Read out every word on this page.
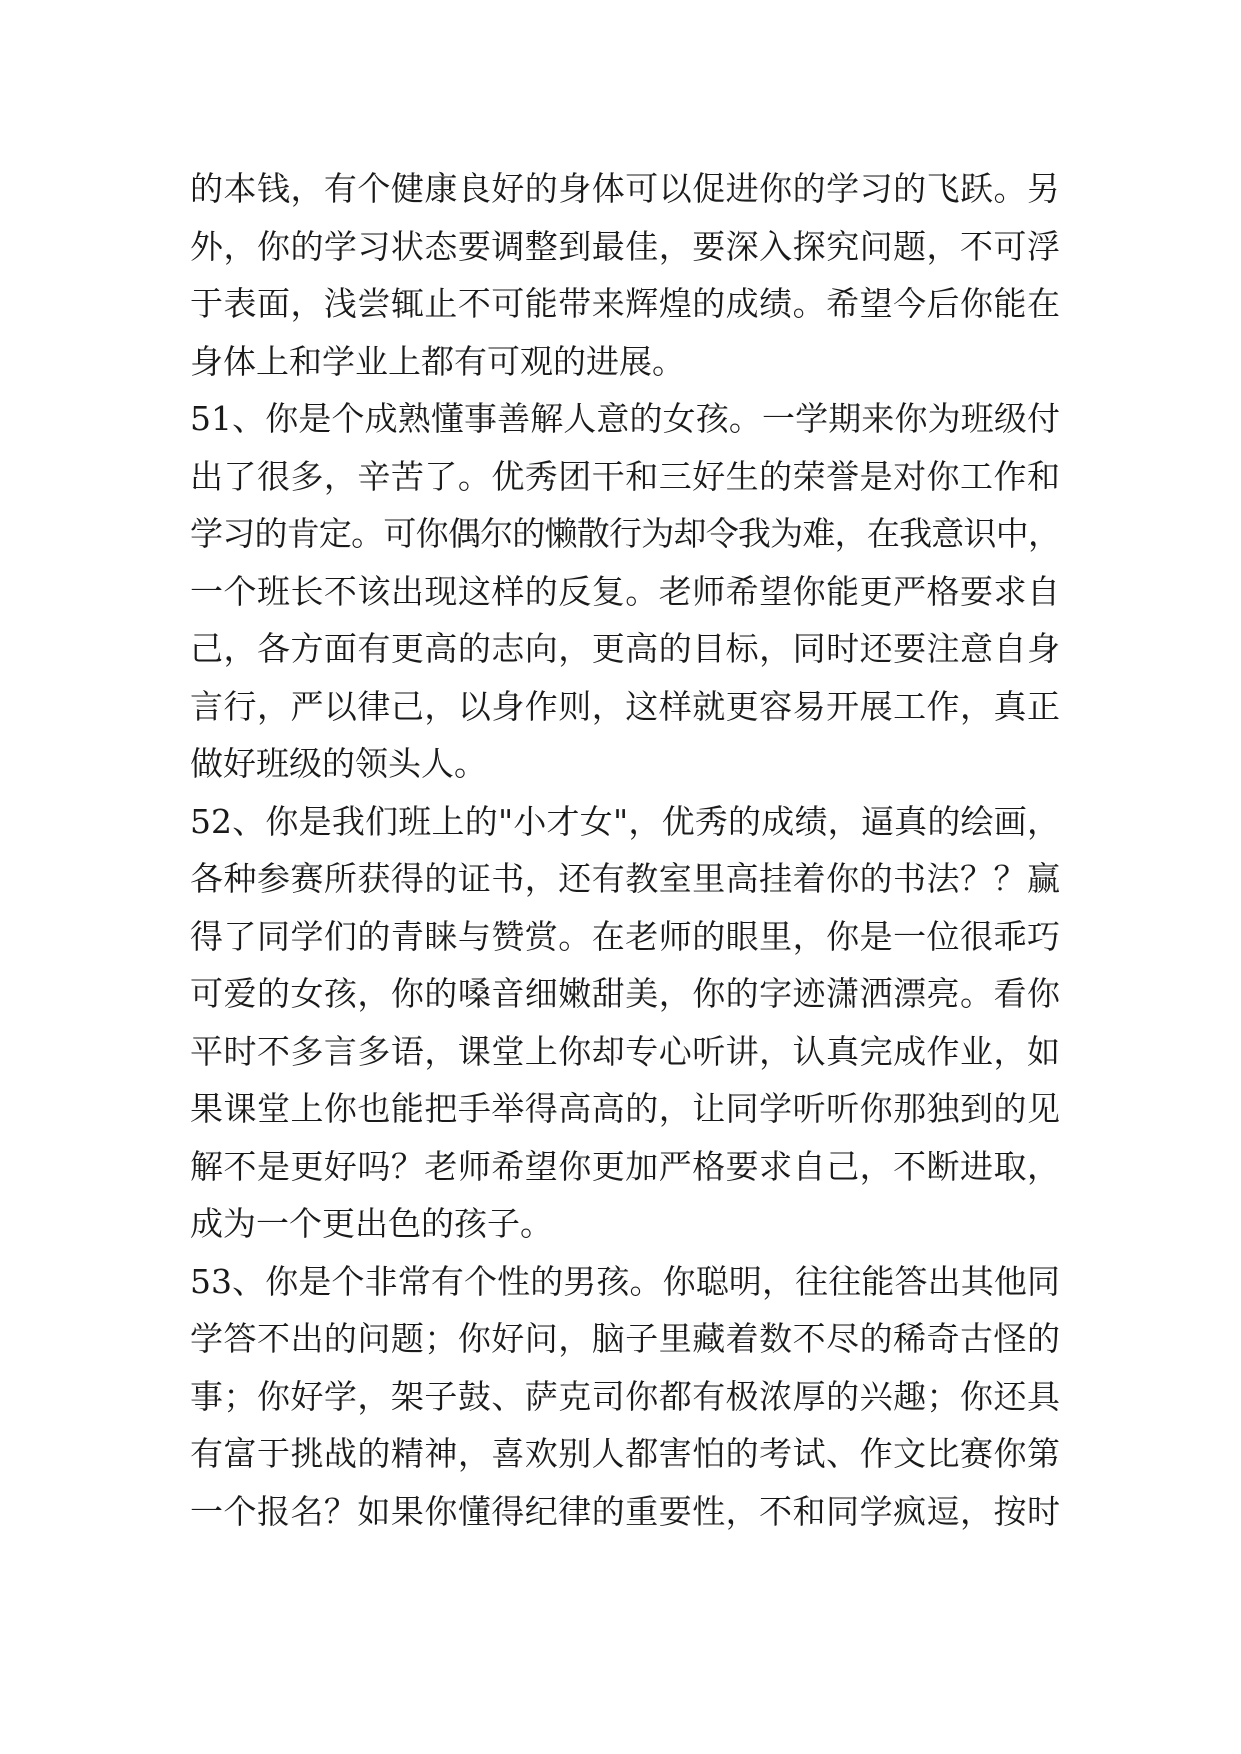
的本钱，有个健康良好的身体可以促进你的学习的飞跃。另
外，你的学习状态要调整到最佳，要深入探究问题，不可浮
于表面，浅尝辄止不可能带来辉煌的成绩。希望今后你能在
身体上和学业上都有可观的进展。
51、你是个成熟懂事善解人意的女孩。一学期来你为班级付
出了很多，辛苦了。优秀团干和三好生的荣誉是对你工作和
学习的肯定。可你偶尔的懒散行为却令我为难，在我意识中，
一个班长不该出现这样的反复。老师希望你能更严格要求自
己，各方面有更高的志向，更高的目标，同时还要注意自身
言行，严以律己，以身作则，这样就更容易开展工作，真正
做好班级的领头人。
52、你是我们班上的"小才女"，优秀的成绩，逼真的绘画，
各种参赛所获得的证书，还有教室里高挂着你的书法？？赢
得了同学们的青睐与赞赏。在老师的眼里，你是一位很乖巧
可爱的女孩，你的嗓音细嫩甜美，你的字迹潇洒漂亮。看你
平时不多言多语，课堂上你却专心听讲，认真完成作业，如
果课堂上你也能把手举得高高的，让同学听听你那独到的见
解不是更好吗？老师希望你更加严格要求自己，不断进取，
成为一个更出色的孩子。
53、你是个非常有个性的男孩。你聪明，往往能答出其他同
学答不出的问题；你好问，脑子里藏着数不尽的稀奇古怪的
事；你好学，架子鼓、萨克司你都有极浓厚的兴趣；你还具
有富于挑战的精神，喜欢别人都害怕的考试、作文比赛你第
一个报名？如果你懂得纪律的重要性，不和同学疯逗，按时
